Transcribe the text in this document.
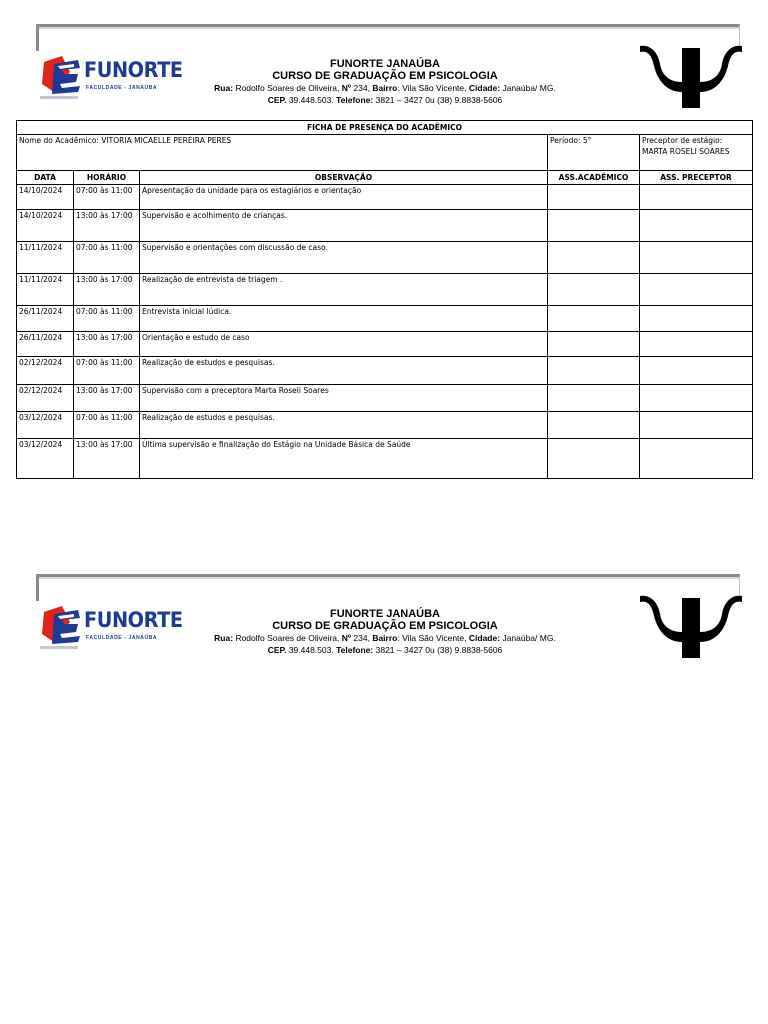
FUNORTE
FACULDADE - JANAÚBA
FUNORTE JANAÚBA
CURSO DE GRADUAÇÃO EM PSICOLOGIA
Rua: Rodolfo Soares de Oliveira, Nº 234, Bairro: Vila São Vicente, Cidade: Janaúba/ MG.
CEP. 39.448.503. Telefone: 3821 – 3427 0u (38) 9.8838-5606
FICHA DE PRESENÇA DO ACADÊMICO				
Nome do Acadêmico: VITORIA MICAELLE PEREIRA PERES			Período: 5°	Preceptor de estágio:
MARTA ROSELI SOARES

DATA	HORÁRIO	OBSERVAÇÃO	ASS.ACADÊMICO	ASS. PRECEPTOR
14/10/2024	07:00 às 11:00	Apresentação da unidade para os estagiários e orientação		
14/10/2024	13:00 às 17:00	Supervisão e acolhimento de crianças.		
11/11/2024	07:00 às 11:00	Supervisão e orientações com discussão de caso.		
11/11/2024	13:00 às 17:00	Realização de entrevista de triagem .		
26/11/2024	07:00 às 11:00	Entrevista inicial lúdica.		
26/11/2024	13:00 às 17:00	Orientação e estudo de caso		
02/12/2024	07:00 às 11:00	Realização de estudos e pesquisas.		
02/12/2024	13:00 às 17:00	Supervisão com a preceptora Marta Roseli Soares		
03/12/2024	07:00 às 11:00	Realização de estudos e pesquisas.		
03/12/2024	13:00 às 17:00	Última supervisão e finalização do Estágio na Unidade Básica de Saúde		
FUNORTE
FACULDADE - JANAÚBA
FUNORTE JANAÚBA
CURSO DE GRADUAÇÃO EM PSICOLOGIA
Rua: Rodolfo Soares de Oliveira, Nº 234, Bairro: Vila São Vicente, Cidade: Janaúba/ MG.
CEP. 39.448.503. Telefone: 3821 – 3427 0u (38) 9.8838-5606
